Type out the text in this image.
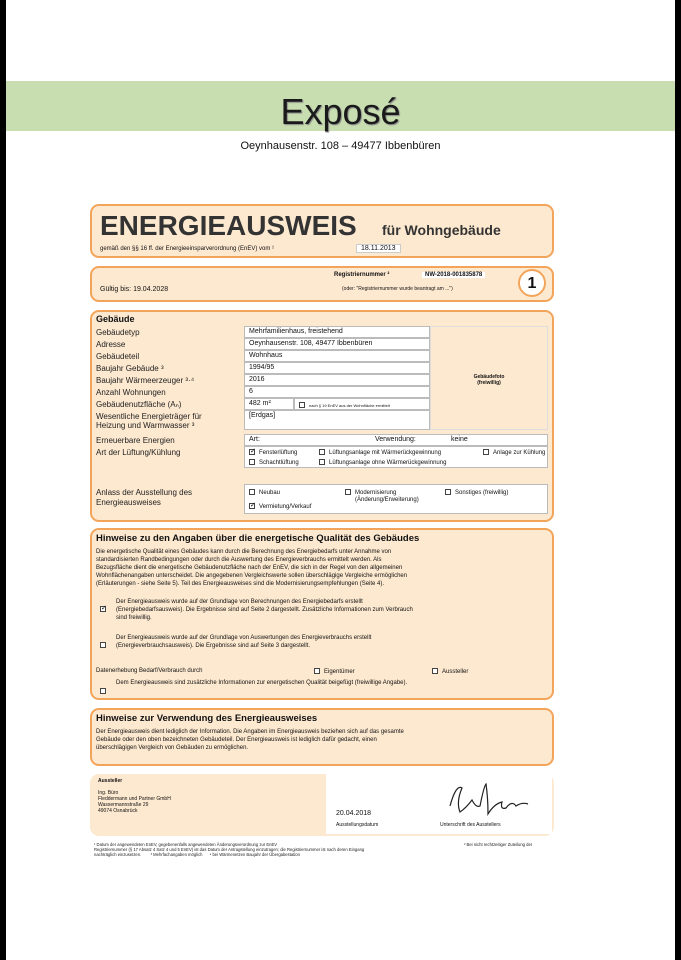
Exposé
Oeynhausenstr. 108 – 49477 Ibbenbüren
ENERGIEAUSWEIS für Wohngebäude
gemäß den §§ 16 ff. der Energieeinsparverordnung (EnEV) vom ¹	18.11.2013
Registriernummer ²	NW-2018-001835878
(oder: "Registriernummer wurde beantragt am ...")
Gültig bis: 19.04.2028	1
Gebäude
Gebäudetyp	Mehrfamilienhaus, freistehend
Adresse	Oeynhausenstr. 108, 49477 Ibbenbüren
Gebäudeteil	Wohnhaus
Baujahr Gebäude ³	1994/95
Baujahr Wärmeerzeuger ³·⁴	2016
Anzahl Wohnungen	6
Gebäudenutzfläche (Aₙ)	482 m²	nach § 19 EnEV aus der Wohnfläche ermittelt
Wesentliche Energieträger für
Heizung und Warmwasser ³
[Erdgas]
Gebäudefoto (freiwillig)
Erneuerbare Energien	Art:	Verwendung:	keine
Art der Lüftung/Kühlung ✓	Fensterlüftung	Lüftungsanlage mit Wärmerückgewinnung	Anlage zur Kühlung
Schachtlüftung	Lüftungsanlage ohne Wärmerückgewinnung
Anlass der Ausstellung des
Energieausweises
Neubau	Modernisierung
(Änderung/Erweiterung)
Sonstiges (freiwillig)
✓Vermietung/Verkauf
Hinweise zu den Angaben über die energetische Qualität des Gebäudes
Die energetische Qualität eines Gebäudes kann durch die Berechnung des Energiebedarfs unter Annahme von
standardisierten Randbedingungen oder durch die Auswertung des Energieverbrauchs ermittelt werden. Als
Bezugsfläche dient die energetische Gebäudenutzfläche nach der EnEV, die sich in der Regel von den allgemeinen
Wohnflächenangaben unterscheidet. Die angegebenen Vergleichswerte sollen überschlägige Vergleiche ermöglichen
(Erläuterungen - siehe Seite 5). Teil des Energieausweises sind die Modernisierungsempfehlungen (Seite 4).
✓
Der Energieausweis wurde auf der Grundlage von Berechnungen des Energiebedarfs erstellt
(Energiebedarfsausweis). Die Ergebnisse sind auf Seite 2 dargestellt. Zusätzliche Informationen zum Verbrauch
sind freiwillig.
Der Energieausweis wurde auf der Grundlage von Auswertungen des Energieverbrauchs erstellt
(Energieverbrauchsausweis). Die Ergebnisse sind auf Seite 3 dargestellt.
Datenerhebung Bedarf/Verbrauch durch	Eigentümer	Aussteller
Dem Energieausweis sind zusätzliche Informationen zur energetischen Qualität beigefügt (freiwillige Angabe).
Hinweise zur Verwendung des Energieausweises
Der Energieausweis dient lediglich der Information. Die Angaben im Energieausweis beziehen sich auf das gesamte
Gebäude oder den oben bezeichneten Gebäudeteil. Der Energieausweis ist lediglich dafür gedacht, einen
überschlägigen Vergleich von Gebäuden zu ermöglichen.
Aussteller
Ing. Büro
Fleddermann und Partner GmbH
Wassermannstraße 29
49074 Osnabrück	20.04.2018
Ausstellungsdatum	Unterschrift des Ausstellers
¹ Datum der angewendeten EnEV, gegebenenfalls angewendeten Änderungsverordnung zur EnEV
Registriernummer (§ 17 Absatz 4 Satz 4 und 5 EnEV) ist das Datum der Antragstellung einzutragen; die Registriernummer ist nach deren Eingang
nachträglich einzusetzen. ³ Mehrfachangaben möglich ⁴ bei Wärmenetzen Baujahr der Übergabestation
² Bei nicht rechtzeitiger Zuteilung der
